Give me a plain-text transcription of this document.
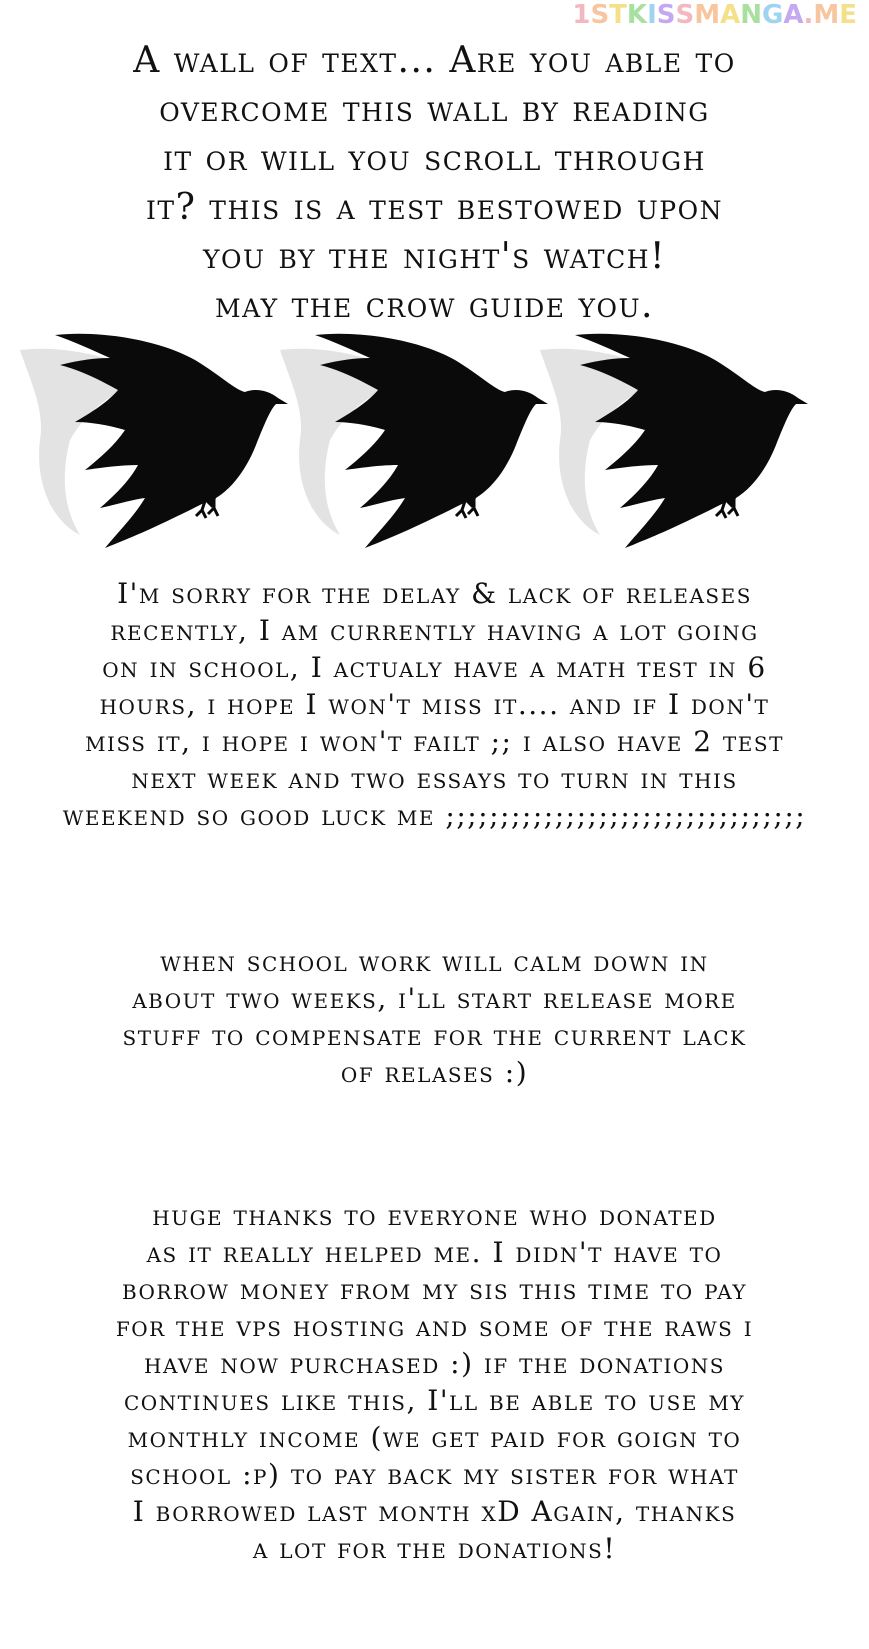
1STKISSMANGA.ME
A wall of text... Are you able to
overcome this wall by reading
it or will you scroll through
it? this is a test bestowed upon
you by the night's watch!
may the crow guide you.

I'm sorry for the delay & lack of releases
recently, I am currently having a lot going
on in school, I actualy have a math test in 6
hours, i hope I won't miss it.... and if I don't
miss it, i hope i won't failt ;; i also have 2 test
next week and two essays to turn in this
weekend so good luck me ;;;;;;;;;;;;;;;;;;;;;;;;;;;;;;;;;

when school work will calm down in
about two weeks, i'll start release more
stuff to compensate for the current lack
of relases :)

huge thanks to everyone who donated
as it really helped me. I didn't have to
borrow money from my sis this time to pay
for the vps hosting and some of the raws i
have now purchased :) if the donations
continues like this, I'll be able to use my
monthly income (we get paid for goign to
school :p) to pay back my sister for what
I borrowed last month xD Again, thanks
a lot for the donations!
